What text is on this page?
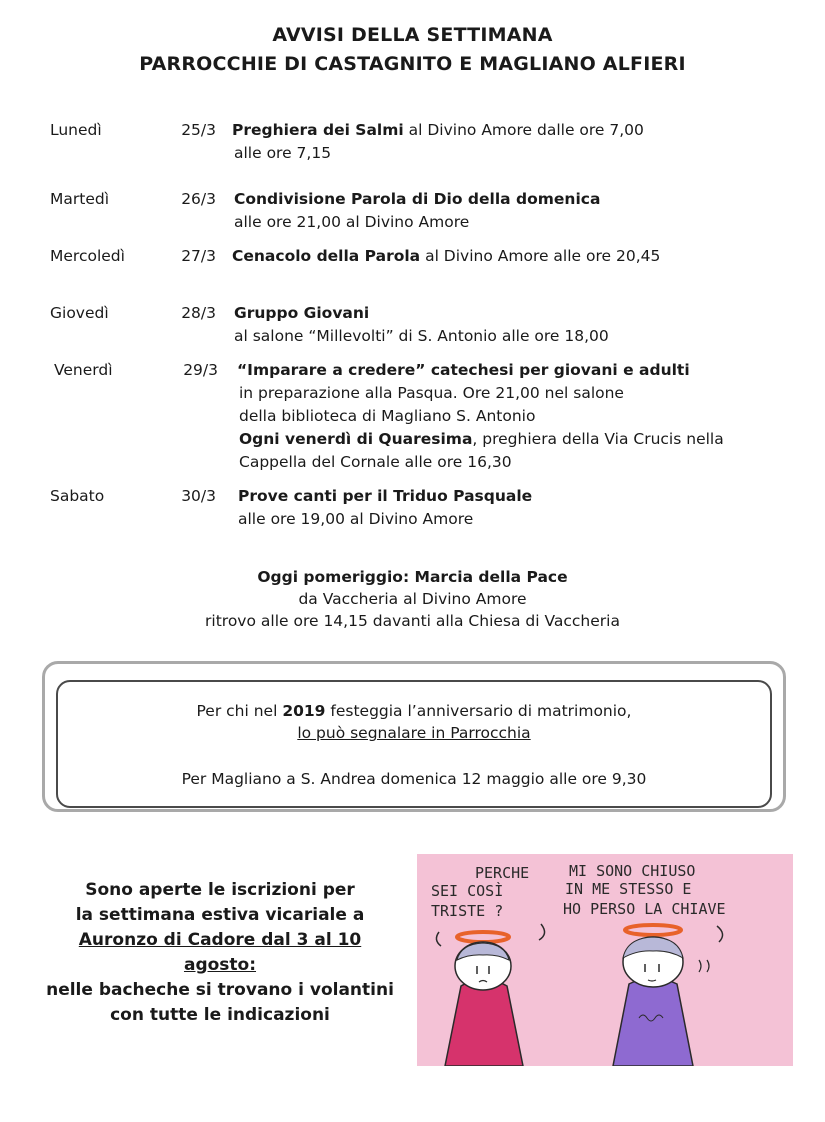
AVVISI DELLA SETTIMANA
PARROCCHIE DI CASTAGNITO E MAGLIANO ALFIERI
Lunedì	25/3 Preghiera dei Salmi al Divino Amore dalle ore 7,00
alle ore 7,15
Martedì	26/3 Condivisione Parola di Dio della domenica
alle ore 21,00 al Divino Amore
Mercoledì	27/3 Cenacolo della Parola al Divino Amore alle ore 20,45
Giovedì	28/3 Gruppo Giovani
al salone “Millevolti” di S. Antonio alle ore 18,00
Venerdì	29/3 “Imparare a credere” catechesi per giovani e adulti
in preparazione alla Pasqua. Ore 21,00 nel salone
della biblioteca di Magliano S. Antonio
Ogni venerdì di Quaresima, preghiera della Via Crucis nella
Cappella del Cornale alle ore 16,30
Sabato	30/3 Prove canti per il Triduo Pasquale
alle ore 19,00 al Divino Amore
Oggi pomeriggio: Marcia della Pace
da Vaccheria al Divino Amore
ritrovo alle ore 14,15 davanti alla Chiesa di Vaccheria
Per chi nel 2019 festeggia l’anniversario di matrimonio,
lo può segnalare in Parrocchia
Per Magliano a S. Andrea domenica 12 maggio alle ore 9,30
Sono aperte le iscrizioni per
la settimana estiva vicariale a
Auronzo di Cadore dal 3 al 10 agosto:
nelle bacheche si trovano i volantini
con tutte le indicazioni
PERCHE
SEI COSÌ
TRISTE ?
MI SONO CHIUSO
IN ME STESSO E
HO PERSO LA CHIAVE
